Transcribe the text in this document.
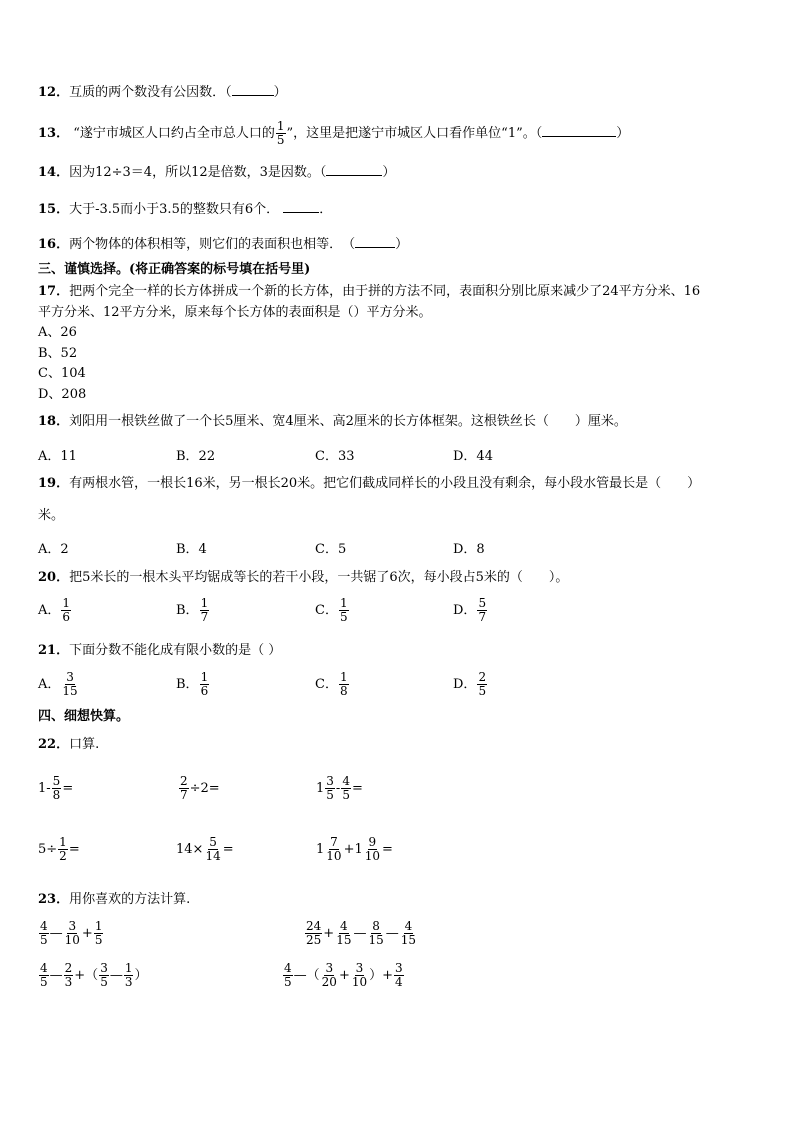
12．互质的两个数没有公因数．（	）
13． “遂宁市城区人口约占全市总人口的 $\frac{1}{5}$ ”，这里是把遂宁市城区人口看作单位“1”。（	）
14．因为12÷3＝4，所以12是倍数，3是因数。（	）
15．大于-3.5而小于3.5的整数只有6个．	．
16．两个物体的体积相等，则它们的表面积也相等．　（	）
三、谨慎选择。(将正确答案的标号填在括号里)
17．把两个完全一样的长方体拼成一个新的长方体，由于拼的方法不同，表面积分别比原来减少了24平方分米、16
平方分米、12平方分米，原来每个长方体的表面积是（）平方分米。
A、26
B、52
C、104
D、208
18．刘阳用一根铁丝做了一个长5厘米、宽4厘米、高2厘米的长方体框架。这根铁丝长（　　）厘米。
A．11	B．22	C．33	D．44
19．有两根水管，一根长16米，另一根长20米。把它们截成同样长的小段且没有剩余，每小段水管最长是（　　）
米。
A．2	B．4	C．5	D．8
20．把5米长的一根木头平均锯成等长的若干小段，一共锯了6次，每小段占5米的（　　）。
A． $\frac{1}{6}$	B． $\frac{1}{7}$	C． $\frac{1}{5}$	D． $\frac{5}{7}$
21．下面分数不能化成有限小数的是（ ）
A． $\frac{3}{15}$	B． $\frac{1}{6}$	C． $\frac{1}{8}$	D． $\frac{2}{5}$
四、细想快算。
22．口算.
$1- \frac{5}{8}$ =	$\frac{2}{7} \div 2=$	$1 \frac{3}{5} - \frac{4}{5}$ =
$5\div \frac{1}{2}$ =	$14\times \frac{5}{14}$ =	$1 \frac{7}{10} +1 \frac{9}{10}$ =
23．用你喜欢的方法计算.
$\frac{4}{5}$ — $\frac{3}{10} + \frac{1}{5}$	$\frac{24}{25} + \frac{4}{15}$ — $\frac{8}{15}$ — $\frac{4}{15}$
$\frac{4}{5}$ — $\frac{2}{3}$ +（ $\frac{3}{5}$ — $\frac{1}{3}$ ）	$\frac{4}{5}$ —（ $\frac{3}{20} + \frac{3}{10}$ ）+ $\frac{3}{4}$
